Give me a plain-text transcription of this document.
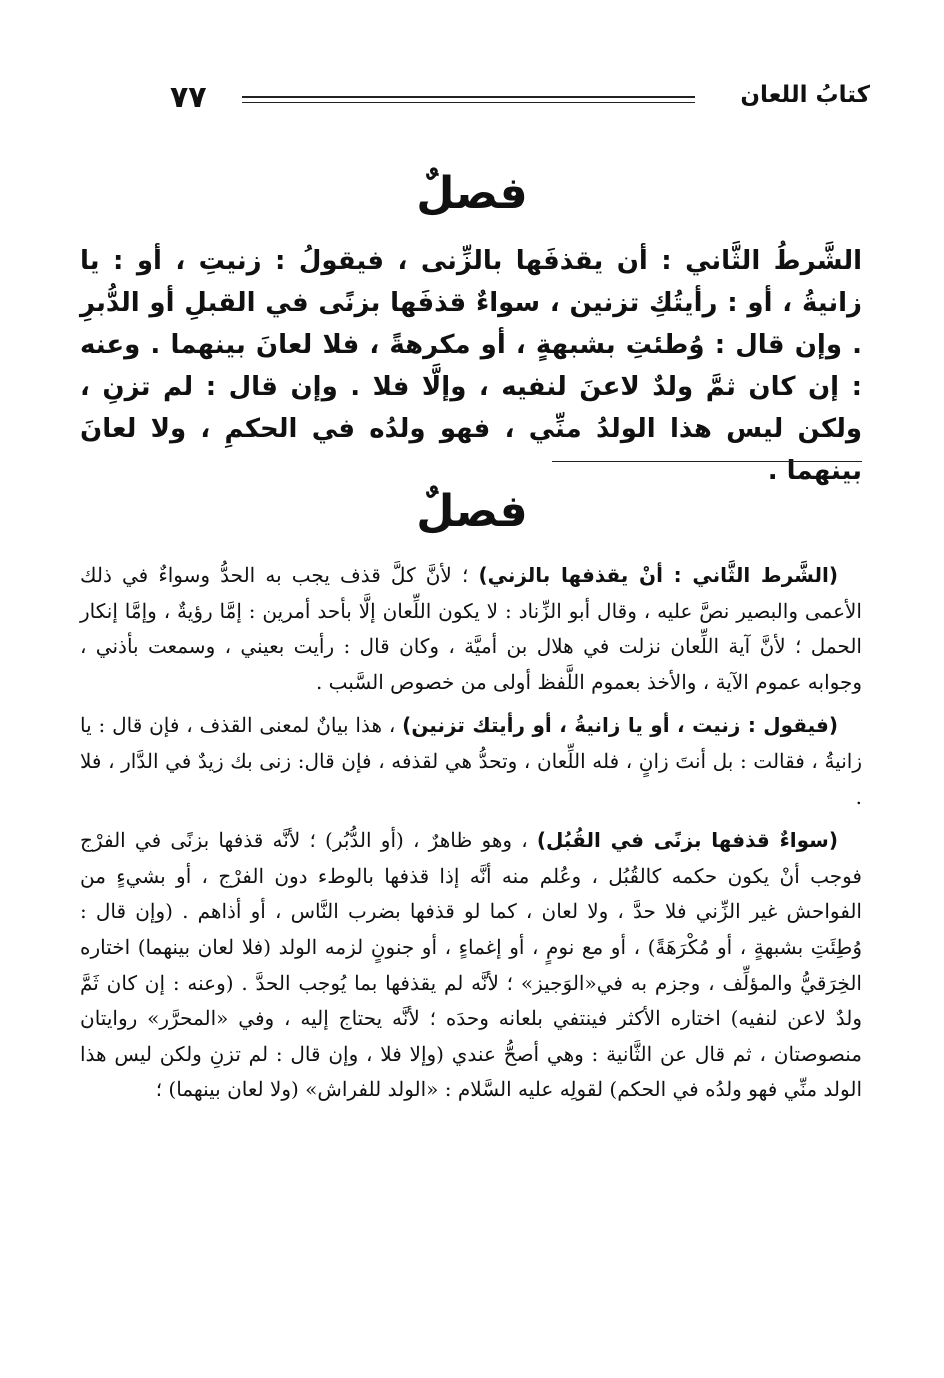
٧٧	كتابُ اللعان
فصلٌ
الشَّرطُ الثَّاني : أن يقذفَها بالزِّنى ، فيقولُ : زنيتِ ، أو : يا زانيةُ ، أو : رأيتُكِ تزنين ، سواءٌ قذفَها بزنًى في القبلِ أو الدُّبرِ . وإن قال : وُطئتِ بشبهةٍ ، أو مكرهةً ، فلا لعانَ بينهما . وعنه : إن كان ثمَّ ولدٌ لاعنَ لنفيه ، وإلَّا فلا . وإن قال : لم تزنِ ، ولكن ليس هذا الولدُ منِّي ، فهو ولدُه في الحكمِ ، ولا لعانَ بينهما .
فصلٌ

(الشَّرط الثَّاني : أنْ يقذفها بالزني) ؛ لأنَّ كلَّ قذف يجب به الحدُّ وسواءٌ في ذلك الأعمى والبصير نصَّ عليه ، وقال أبو الزِّناد : لا يكون اللِّعان إلَّا بأحد أمرين : إمَّا رؤيةٌ ، وإمَّا إنكار الحمل ؛ لأنَّ آية اللِّعان نزلت في هلال بن أميَّة ، وكان قال : رأيت بعيني ، وسمعت بأذني ، وجوابه عموم الآية ، والأخذ بعموم اللَّفظ أولى من خصوص السَّبب .

(فيقول : زنيت ، أو يا زانيةُ ، أو رأيتك تزنين) ، هذا بيانٌ لمعنى القذف ، فإن قال : يا زانيةُ ، فقالت : بل أنتَ زانٍ ، فله اللِّعان ، وتحدُّ هي لقذفه ، فإن قال: زنى بك زيدٌ في الدَّار ، فلا .

(سواءٌ قذفها بزنًى في القُبُل) ، وهو ظاهرٌ ، (أو الدُّبُر) ؛ لأنَّه قذفها بزنًى في الفرْج فوجب أنْ يكون حكمه كالقُبُل ، وعُلم منه أنَّه إذا قذفها بالوطء دون الفرْج ، أو بشيءٍ من الفواحش غير الزِّني فلا حدَّ ، ولا لعان ، كما لو قذفها بضرب النَّاس ، أو أذاهم . (وإن قال : وُطِئَتِ بشبهةٍ ، أو مُكْرَهَةً) ، أو مع نومٍ ، أو إغماءٍ ، أو جنونٍ لزمه الولد (فلا لعان بينهما) اختاره الخِرَقيُّ والمؤلِّف ، وجزم به في«الوَجيز» ؛ لأنَّه لم يقذفها بما يُوجب الحدَّ . (وعنه : إن كان ثَمَّ ولدٌ لاعن لنفيه) اختاره الأكثر فينتفي بلعانه وحدَه ؛ لأنَّه يحتاج إليه ، وفي «المحرَّر» روايتان منصوصتان ، ثم قال عن الثَّانية : وهي أصحُّ عندي (وإلا فلا ، وإن قال : لم تزنِ ولكن ليس هذا الولد منِّي فهو ولدُه في الحكم) لقولِه عليه السَّلام : «الولد للفراش» (ولا لعان بينهما) ؛
